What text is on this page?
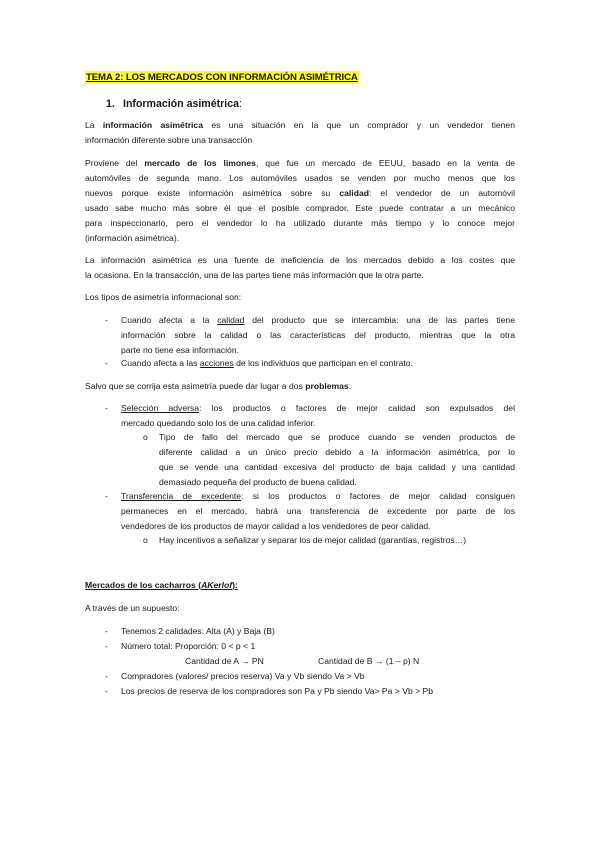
TEMA 2: LOS MERCADOS CON INFORMACIÓN ASIMÉTRICA
1. Información asimétrica:
La información asimétrica es una situación en la que un comprador y un vendedor tienen
información diferente sobre una transacción
Proviene del mercado de los limones, que fue un mercado de EEUU, basado en la venta de
automóviles de segunda mano. Los automóviles usados se venden por mucho menos que los
nuevos porque existe información asimétrica sobre su calidad: el vendedor de un automóvil
usado sabe mucho más sobre él que el posible comprador. Este puede contratar a un mecánico
para inspeccionarlo, pero el vendedor lo ha utilizado durante más tiempo y lo conoce mejor
(información asimétrica).
La información asimétrica es una fuente de ineficiencia de los mercados debido a los costes que
la ocasiona. En la transacción, una de las partes tiene más información que la otra parte.
Los tipos de asimetría informacional son:
- Cuando afecta a la calidad del producto que se intercambia: una de las partes tiene
información sobre la calidad o las características del producto, mientras que la otra
parte no tiene esa información.
- Cuando afecta a las acciones de los individuos que participan en el contrato.
Salvo que se corrija esta asimetría puede dar lugar a dos problemas:
- Selección adversa: los productos o factores de mejor calidad son expulsados del
mercado quedando solo los de una calidad inferior.
o Tipo de fallo del mercado que se produce cuando se venden productos de
diferente calidad a un único precio debido a la información asimétrica, por lo
que se vende una cantidad excesiva del producto de baja calidad y una cantidad
demasiado pequeña del producto de buena calidad.
- Transferencia de excedente: si los productos o factores de mejor calidad consiguen
permaneces en el mercado, habrá una transferencia de excedente por parte de los
vendedores de los productos de mayor calidad a los vendedores de peor calidad.
o Hay incentivos a señalizar y separar los de mejor calidad (garantías, registros…)
Mercados de los cacharros (AKerlof):
A través de un supuesto:
- Tenemos 2 calidades: Alta (A) y Baja (B)
- Número total: Proporción: 0 < p < 1
Cantidad de A → PN	Cantidad de B → (1 – p) N
- Compradores (valores/ precios reserva) Va y Vb siendo Va > Vb
- Los precios de reserva de los compradores son Pa y Pb siendo Va> Pa > Vb > Pb
